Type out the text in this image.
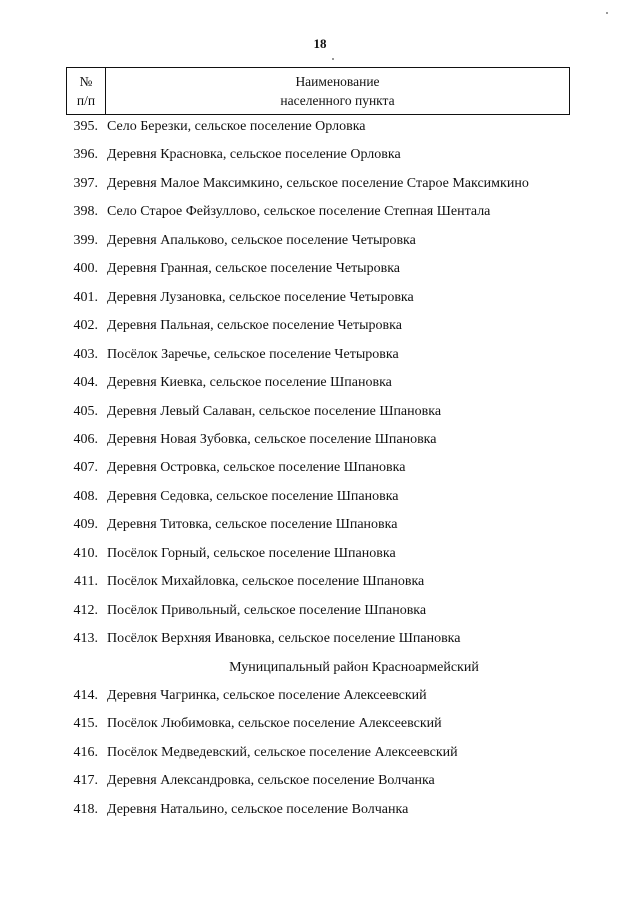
18
№
п/п
Наименование
населенного пункта
395. Село Березки, сельское поселение Орловка
396. Деревня Красновка, сельское поселение Орловка
397. Деревня Малое Максимкино, сельское поселение Старое Максимкино
398. Село Старое Фейзуллово, сельское поселение Степная Шентала
399. Деревня Апальково, сельское поселение Четыровка
400. Деревня Гранная, сельское поселение Четыровка
401. Деревня Лузановка, сельское поселение Четыровка
402. Деревня Пальная, сельское поселение Четыровка
403. Посёлок Заречье, сельское поселение Четыровка
404. Деревня Киевка, сельское поселение Шпановка
405. Деревня Левый Салаван, сельское поселение Шпановка
406. Деревня Новая Зубовка, сельское поселение Шпановка
407. Деревня Островка, сельское поселение Шпановка
408. Деревня Седовка, сельское поселение Шпановка
409. Деревня Титовка, сельское поселение Шпановка
410. Посёлок Горный, сельское поселение Шпановка
411. Посёлок Михайловка, сельское поселение Шпановка
412. Посёлок Привольный, сельское поселение Шпановка
413. Посёлок Верхняя Ивановка, сельское поселение Шпановка
Муниципальный район Красноармейский
414. Деревня Чагринка, сельское поселение Алексеевский
415. Посёлок Любимовка, сельское поселение Алексеевский
416. Посёлок Медведевский, сельское поселение Алексеевский
417. Деревня Александровка, сельское поселение Волчанка
418. Деревня Натальино, сельское поселение Волчанка
